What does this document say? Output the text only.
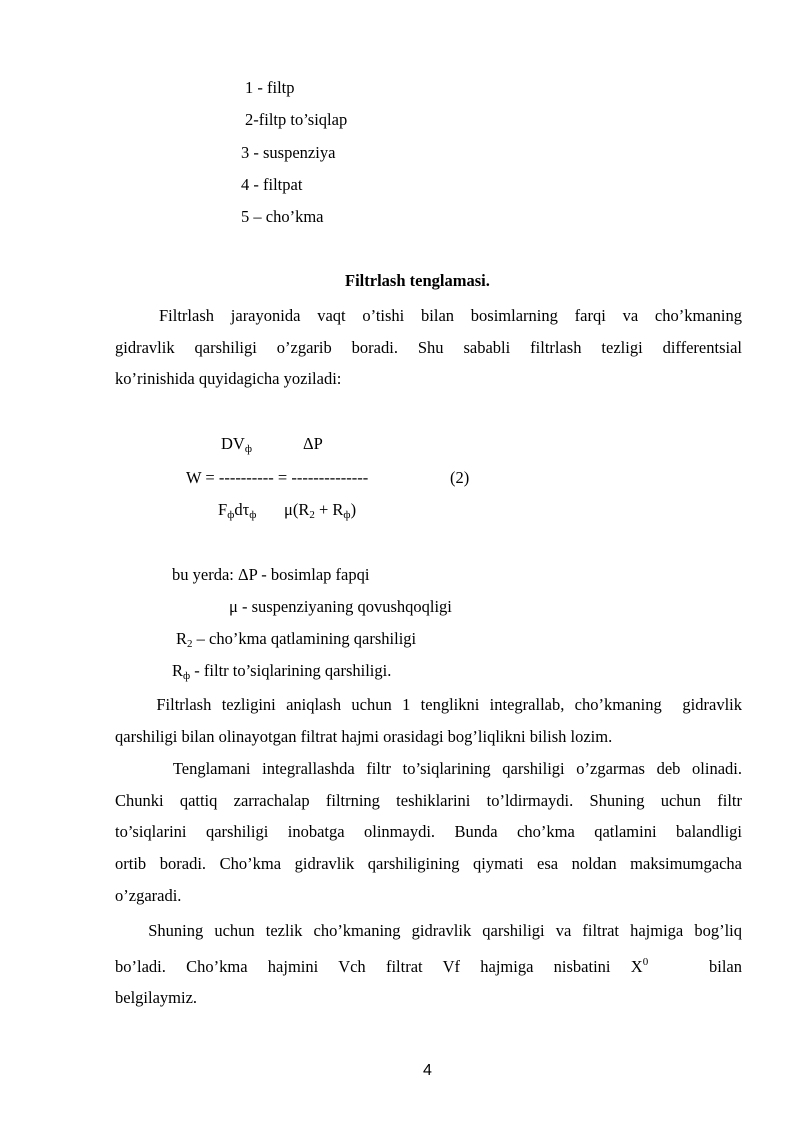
1 - filtp
2-filtp to’siqlap
3 - suspenziya
4 - filtpat
5 – cho’kma
Filtrlash tenglamasi.
Filtrlash jarayonida vaqt o’tishi bilan bosimlarning farqi va cho’kmaning
gidravlik qarshiligi o’zgarib boradi. Shu sababli filtrlash tezligi differentsial
ko’rinishida quyidagicha yoziladi:
$DV_ф$	ΔP
W = ---------- = --------------	(2)
$F_фd\tau_ф$ $\mu(R_2 + R_ф)$
bu yerda: ΔP - bosimlap fapqi
μ - suspenziyaning qovushqoqligi
$R_2$ – cho’kma qatlamining qarshiligi
$R_ф$ - filtr to’siqlarining qarshiligi.
Filtrlash tezligini aniqlash uchun 1 tenglikni integrallab, cho’kmaning  gidravlik
qarshiligi bilan olinayotgan filtrat hajmi orasidagi bog’liqlikni bilish lozim.
Tenglamani integrallashda filtr to’siqlarining qarshiligi o’zgarmas deb olinadi.
Chunki qattiq zarrachalap filtrning teshiklarini to’ldirmaydi. Shuning uchun filtr
to’siqlarini qarshiligi inobatga olinmaydi. Bunda cho’kma qatlamini balandligi
ortib boradi. Cho’kma gidravlik qarshiligining qiymati esa noldan maksimumgacha
o’zgaradi.
Shuning uchun tezlik cho’kmaning gidravlik qarshiligi va filtrat hajmiga bog’liq
bo’ladi. Cho’kma hajmini Vch filtrat Vf hajmiga nisbatini $X^0$   bilan
belgilaymiz.
4
